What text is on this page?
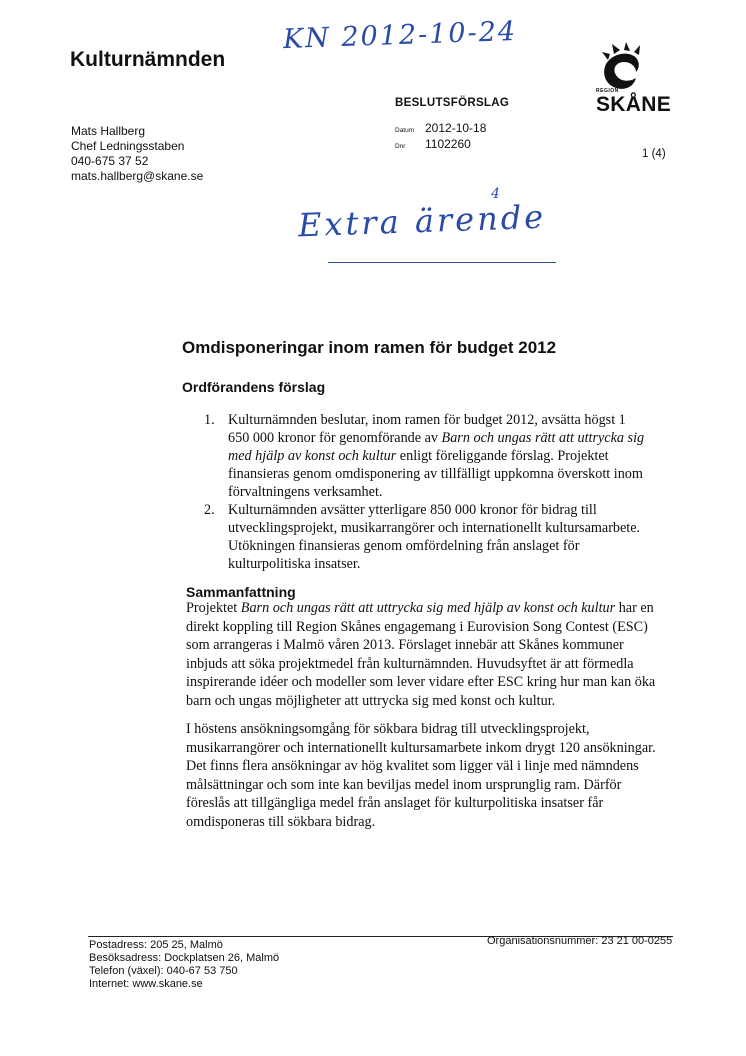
Kulturnämnden
KN 2012-10-24
REGION
SKÅNE
BESLUTSFÖRSLAG
Mats Hallberg
Chef Ledningsstaben
040-675 37 52
mats.hallberg@skane.se
Datum 2012-10-18
Dnr	1102260
1 (4)
4
Extra ärende
Omdisponeringar inom ramen för budget 2012
Ordförandens förslag
1. Kulturnämnden beslutar, inom ramen för budget 2012, avsätta högst 1 650 000 kronor för genomförande av Barn och ungas rätt att uttrycka sig med hjälp av konst och kultur enligt föreliggande förslag. Projektet finansieras genom omdisponering av tillfälligt uppkomna överskott inom förvaltningens verksamhet.
2. Kulturnämnden avsätter ytterligare 850 000 kronor för bidrag till utvecklingsprojekt, musikarrangörer och internationellt kultursamarbete. Utökningen finansieras genom omfördelning från anslaget för kulturpolitiska insatser.
Sammanfattning
Projektet Barn och ungas rätt att uttrycka sig med hjälp av konst och kultur har en direkt koppling till Region Skånes engagemang i Eurovision Song Contest (ESC) som arrangeras i Malmö våren 2013. Förslaget innebär att Skånes kommuner inbjuds att söka projektmedel från kulturnämnden. Huvudsyftet är att förmedla inspirerande idéer och modeller som lever vidare efter ESC kring hur man kan öka barn och ungas möjligheter att uttrycka sig med konst och kultur.
I höstens ansökningsomgång för sökbara bidrag till utvecklingsprojekt, musikarrangörer och internationellt kultursamarbete inkom drygt 120 ansökningar. Det finns flera ansökningar av hög kvalitet som ligger väl i linje med nämndens målsättningar och som inte kan beviljas medel inom ursprunglig ram. Därför föreslås att tillgängliga medel från anslaget för kulturpolitiska insatser får omdisponeras till sökbara bidrag.
Postadress: 205 25, Malmö
Besöksadress: Dockplatsen 26, Malmö
Telefon (växel): 040-67 53 750
Internet: www.skane.se
Organisationsnummer: 23 21 00-0255
